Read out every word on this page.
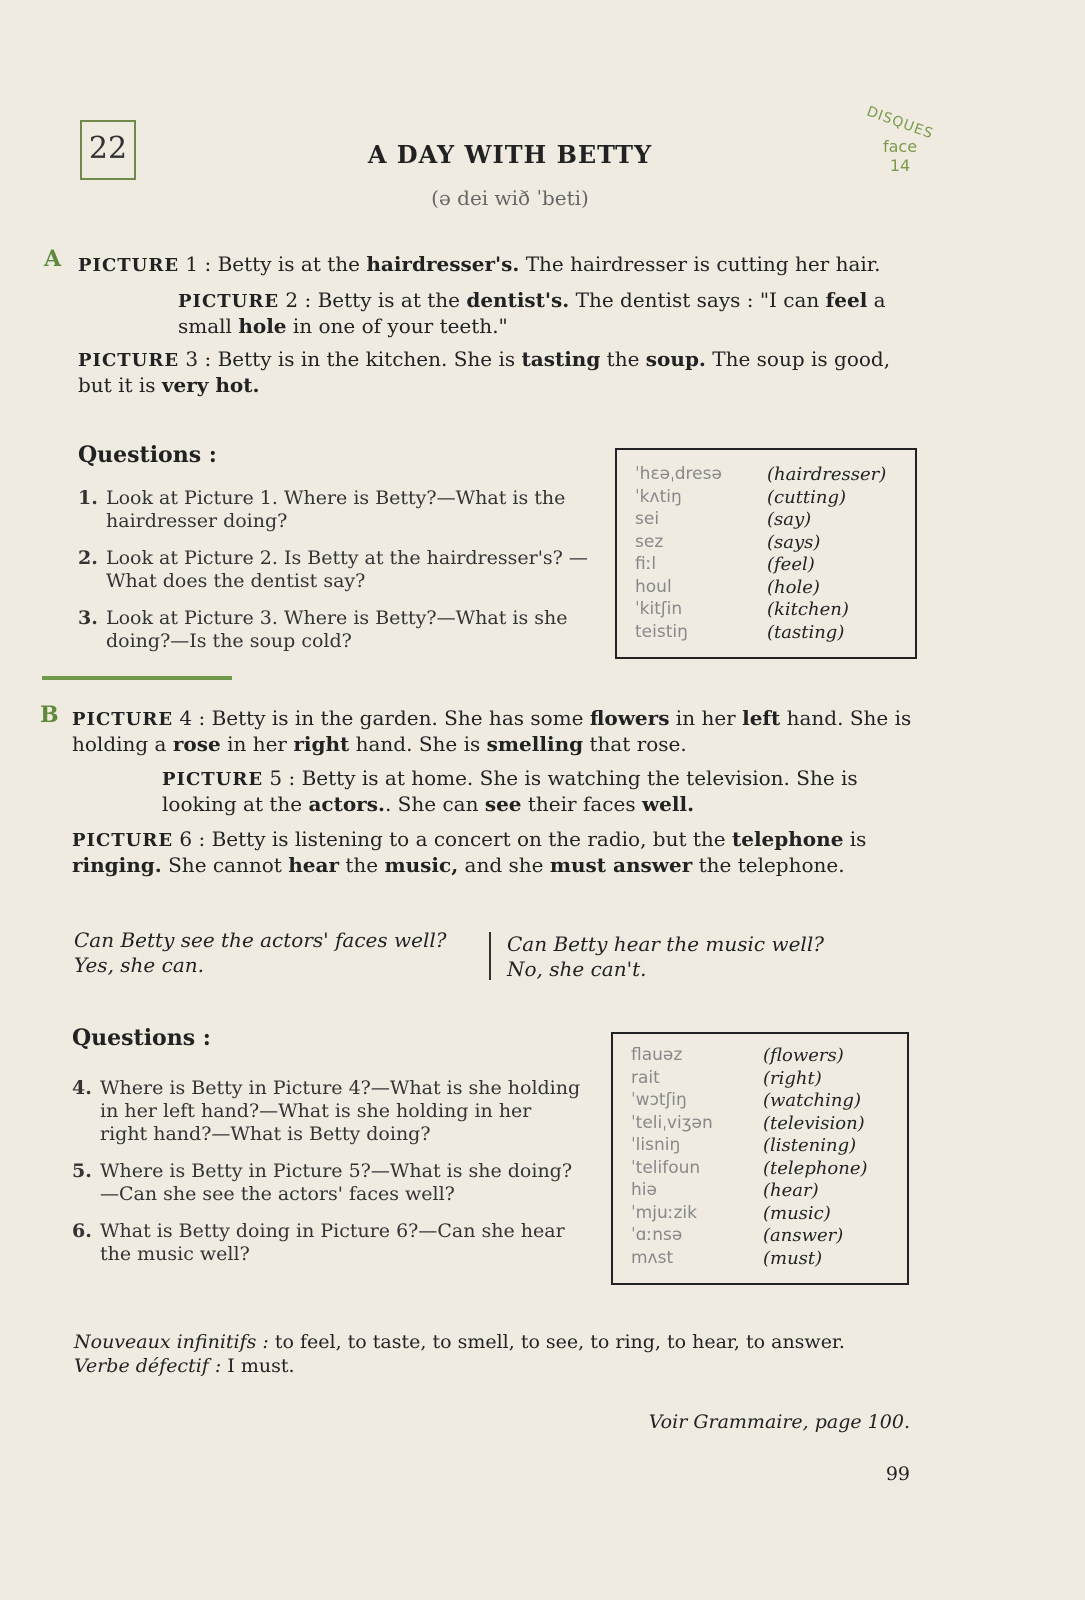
22	A DAY WITH BETTY
(ə dei wið ˈbeti)
DISQUES
face
14
A PICTURE 1 : Betty is at the hairdresser's. The hairdresser is cutting her hair.
PICTURE 2 : Betty is at the dentist's. The dentist says : "I can feel a small hole in one of your teeth."
PICTURE 3 : Betty is in the kitchen. She is tasting the soup. The soup is good, but it is very hot.
Questions :
1. Look at Picture 1. Where is Betty?—What is the hairdresser doing?
2. Look at Picture 2. Is Betty at the hairdresser's? — What does the dentist say?
3. Look at Picture 3. Where is Betty?—What is she doing?—Is the soup cold?
ˈhɛəˌdresə	(hairdresser)
ˈkʌtiŋ	(cutting)
sei	(say)
sez	(says)
fiːl	(feel)
houl	(hole)
ˈkitʃin	(kitchen)
teistiŋ	(tasting)
B PICTURE 4 : Betty is in the garden. She has some flowers in her left hand. She is holding a rose in her right hand. She is smelling that rose.
PICTURE 5 : Betty is at home. She is watching the television. She is looking at the actors.. She can see their faces well.
PICTURE 6 : Betty is listening to a concert on the radio, but the telephone is ringing. She cannot hear the music, and she must answer the telephone.
Can Betty see the actors' faces well?
Yes, she can.
Can Betty hear the music well?
No, she can't.
Questions :
4. Where is Betty in Picture 4?—What is she holding in her left hand?—What is she holding in her right hand?—What is Betty doing?
5. Where is Betty in Picture 5?—What is she doing? —Can she see the actors' faces well?
6. What is Betty doing in Picture 6?—Can she hear the music well?
flauəz	(flowers)
rait	(right)
ˈwɔtʃiŋ	(watching)
ˈteliˌviʒən	(television)
ˈlisniŋ	(listening)
ˈtelifoun	(telephone)
hiə	(hear)
ˈmjuːzik	(music)
ˈɑːnsə	(answer)
mʌst	(must)
Nouveaux infinitifs : to feel, to taste, to smell, to see, to ring, to hear, to answer.
Verbe défectif : I must.
Voir Grammaire, page 100.
99
